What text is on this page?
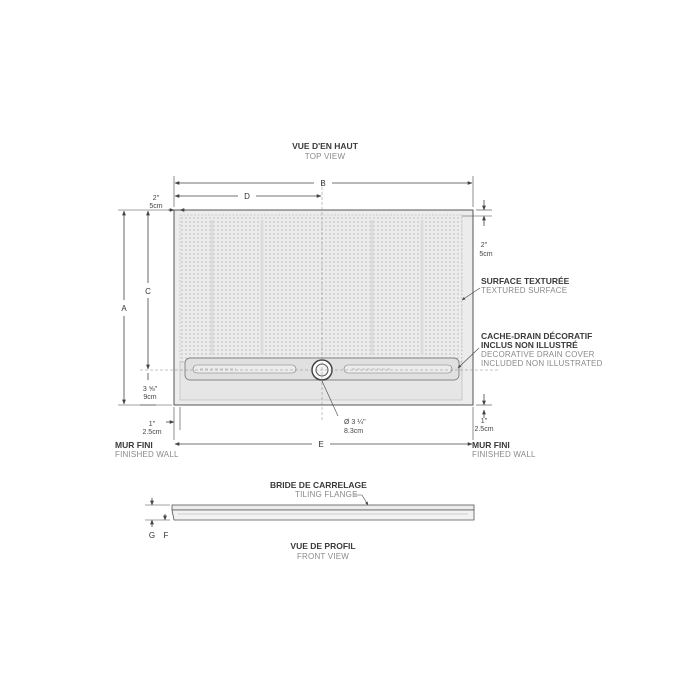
VUE D'EN HAUT
TOP VIEW
B
D
2"
5cm
2"
5cm
A
C
3 ⅝"
9cm
1"
2.5cm
1"
2.5cm
Ø 3 ¼"
8.3cm
E
MUR FINI
FINISHED WALL
MUR FINI
FINISHED WALL
SURFACE TEXTURÉE
TEXTURED SURFACE
CACHE-DRAIN DÉCORATIF
INCLUS NON ILLUSTRÉ
DECORATIVE DRAIN COVER
INCLUDED NON ILLUSTRATED
BRIDE DE CARRELAGE
TILING FLANGE
G F
VUE DE PROFIL
FRONT VIEW
